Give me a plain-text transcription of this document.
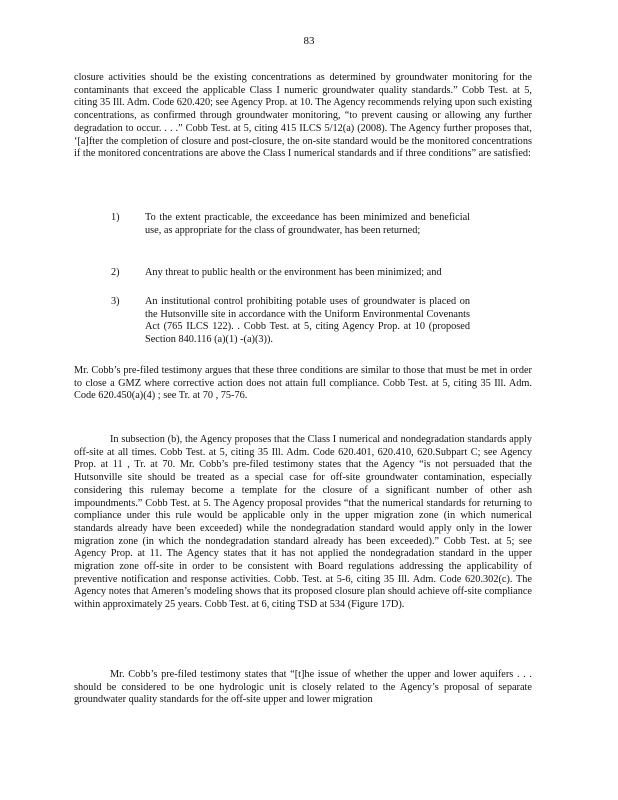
83

closure activities should be the existing concentrations as determined by groundwater monitoring for the contaminants that exceed the applicable Class I numeric groundwater quality standards.” Cobb Test. at 5, citing 35 Ill. Adm. Code 620.420; see Agency Prop. at 10. The Agency recommends relying upon such existing concentrations, as confirmed through groundwater monitoring, “to prevent causing or allowing any further degradation to occur. . . .” Cobb Test. at 5, citing 415 ILCS 5/12(a) (2008). The Agency further proposes that, ‘[a]fter the completion of closure and post-closure, the on-site standard would be the monitored concentrations if the monitored concentrations are above the Class I numerical standards and if three conditions” are satisfied:

1)	To the extent practicable, the exceedance has been minimized and beneficial use, as appropriate for the class of groundwater, has been returned;
2)	Any threat to public health or the environment has been minimized; and
3)	An institutional control prohibiting potable uses of groundwater is placed on the Hutsonville site in accordance with the Uniform Environmental Covenants Act (765 ILCS 122). . Cobb Test. at 5, citing Agency Prop. at 10 (proposed Section 840.116 (a)(1) -(a)(3)).

Mr. Cobb’s pre-filed testimony argues that these three conditions are similar to those that must be met in order to close a GMZ where corrective action does not attain full compliance. Cobb Test. at 5, citing 35 Ill. Adm. Code 620.450(a)(4) ; see Tr. at 70 , 75-76.

In subsection (b), the Agency proposes that the Class I numerical and nondegradation standards apply off-site at all times. Cobb Test. at 5, citing 35 Ill. Adm. Code 620.401, 620.410, 620.Subpart C; see Agency Prop. at 11 , Tr. at 70. Mr. Cobb’s pre-filed testimony states that the Agency “is not persuaded that the Hutsonville site should be treated as a special case for off-site groundwater contamination, especially considering this rulemay become a template for the closure of a significant number of other ash impoundments.” Cobb Test. at 5. The Agency proposal provides “that the numerical standards for returning to compliance under this rule would be applicable only in the upper migration zone (in which numerical standards already have been exceeded) while the nondegradation standard would apply only in the lower migration zone (in which the nondegradation standard already has been exceeded).” Cobb Test. at 5; see Agency Prop. at 11. The Agency states that it has not applied the nondegradation standard in the upper migration zone off-site in order to be consistent with Board regulations addressing the applicability of preventive notification and response activities. Cobb. Test. at 5-6, citing 35 Ill. Adm. Code 620.302(c). The Agency notes that Ameren’s modeling shows that its proposed closure plan should achieve off-site compliance within approximately 25 years. Cobb Test. at 6, citing TSD at 534 (Figure 17D).

Mr. Cobb’s pre-filed testimony states that “[t]he issue of whether the upper and lower aquifers . . . should be considered to be one hydrologic unit is closely related to the Agency’s proposal of separate groundwater quality standards for the off-site upper and lower migration
